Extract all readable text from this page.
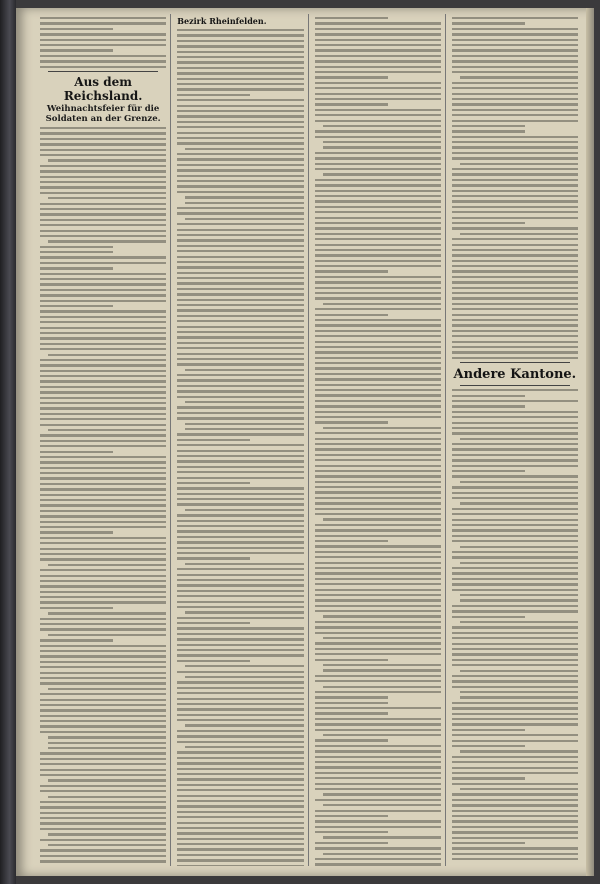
Aus dem Reichsland.
Weihnachtsfeier für die Soldaten an der Grenze.
Bezirk Rheinfelden.
Andere Kantone.
